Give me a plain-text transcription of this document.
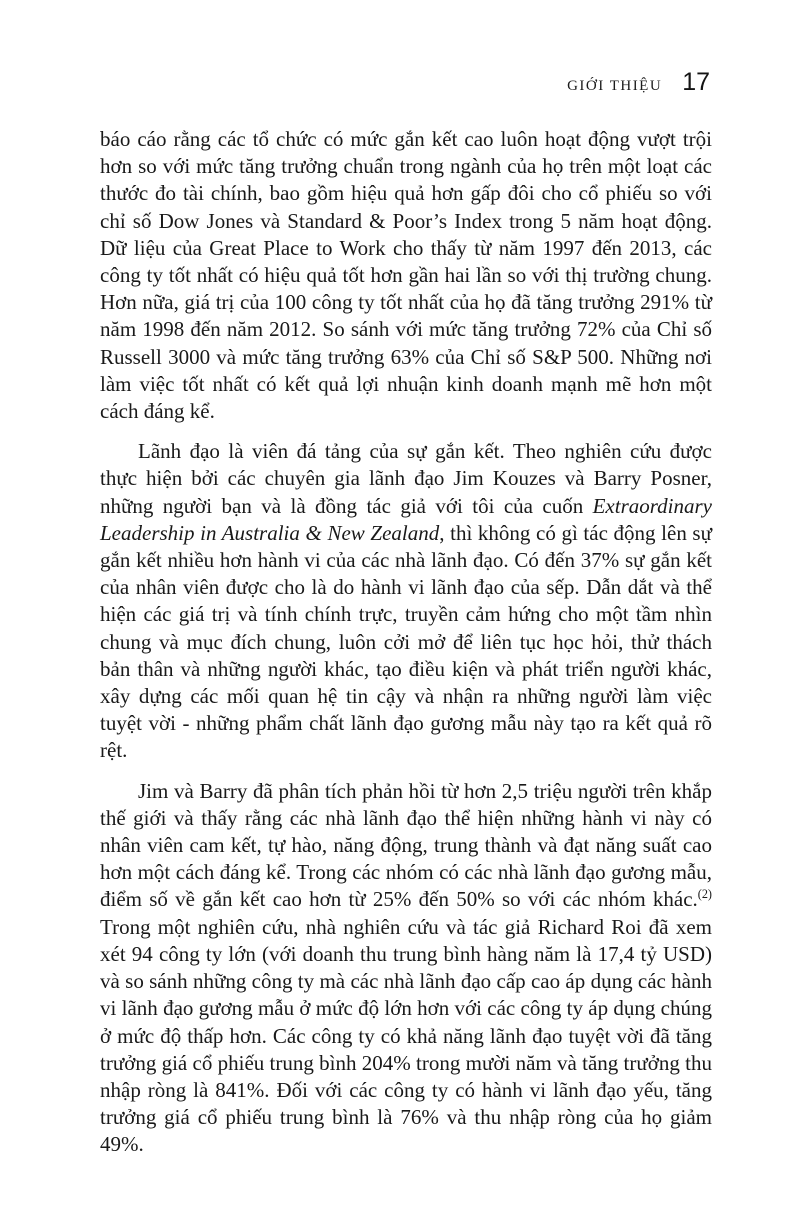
GIỚI THIỆU 17

báo cáo rằng các tổ chức có mức gắn kết cao luôn hoạt động vượt trội hơn so với mức tăng trưởng chuẩn trong ngành của họ trên một loạt các thước đo tài chính, bao gồm hiệu quả hơn gấp đôi cho cổ phiếu so với chỉ số Dow Jones và Standard & Poor’s Index trong 5 năm hoạt động. Dữ liệu của Great Place to Work cho thấy từ năm 1997 đến 2013, các công ty tốt nhất có hiệu quả tốt hơn gần hai lần so với thị trường chung. Hơn nữa, giá trị của 100 công ty tốt nhất của họ đã tăng trưởng 291% từ năm 1998 đến năm 2012. So sánh với mức tăng trưởng 72% của Chỉ số Russell 3000 và mức tăng trưởng 63% của Chỉ số S&P 500. Những nơi làm việc tốt nhất có kết quả lợi nhuận kinh doanh mạnh mẽ hơn một cách đáng kể.

Lãnh đạo là viên đá tảng của sự gắn kết. Theo nghiên cứu được thực hiện bởi các chuyên gia lãnh đạo Jim Kouzes và Barry Posner, những người bạn và là đồng tác giả với tôi của cuốn Extraordinary Leadership in Australia & New Zealand, thì không có gì tác động lên sự gắn kết nhiều hơn hành vi của các nhà lãnh đạo. Có đến 37% sự gắn kết của nhân viên được cho là do hành vi lãnh đạo của sếp. Dẫn dắt và thể hiện các giá trị và tính chính trực, truyền cảm hứng cho một tầm nhìn chung và mục đích chung, luôn cởi mở để liên tục học hỏi, thử thách bản thân và những người khác, tạo điều kiện và phát triển người khác, xây dựng các mối quan hệ tin cậy và nhận ra những người làm việc tuyệt vời - những phẩm chất lãnh đạo gương mẫu này tạo ra kết quả rõ rệt.

Jim và Barry đã phân tích phản hồi từ hơn 2,5 triệu người trên khắp thế giới và thấy rằng các nhà lãnh đạo thể hiện những hành vi này có nhân viên cam kết, tự hào, năng động, trung thành và đạt năng suất cao hơn một cách đáng kể. Trong các nhóm có các nhà lãnh đạo gương mẫu, điểm số về gắn kết cao hơn từ 25% đến 50% so với các nhóm khác.$^{(2)}$ Trong một nghiên cứu, nhà nghiên cứu và tác giả Richard Roi đã xem xét 94 công ty lớn (với doanh thu trung bình hàng năm là 17,4 tỷ USD) và so sánh những công ty mà các nhà lãnh đạo cấp cao áp dụng các hành vi lãnh đạo gương mẫu ở mức độ lớn hơn với các công ty áp dụng chúng ở mức độ thấp hơn. Các công ty có khả năng lãnh đạo tuyệt vời đã tăng trưởng giá cổ phiếu trung bình 204% trong mười năm và tăng trưởng thu nhập ròng là 841%. Đối với các công ty có hành vi lãnh đạo yếu, tăng trưởng giá cổ phiếu trung bình là 76% và thu nhập ròng của họ giảm 49%.
